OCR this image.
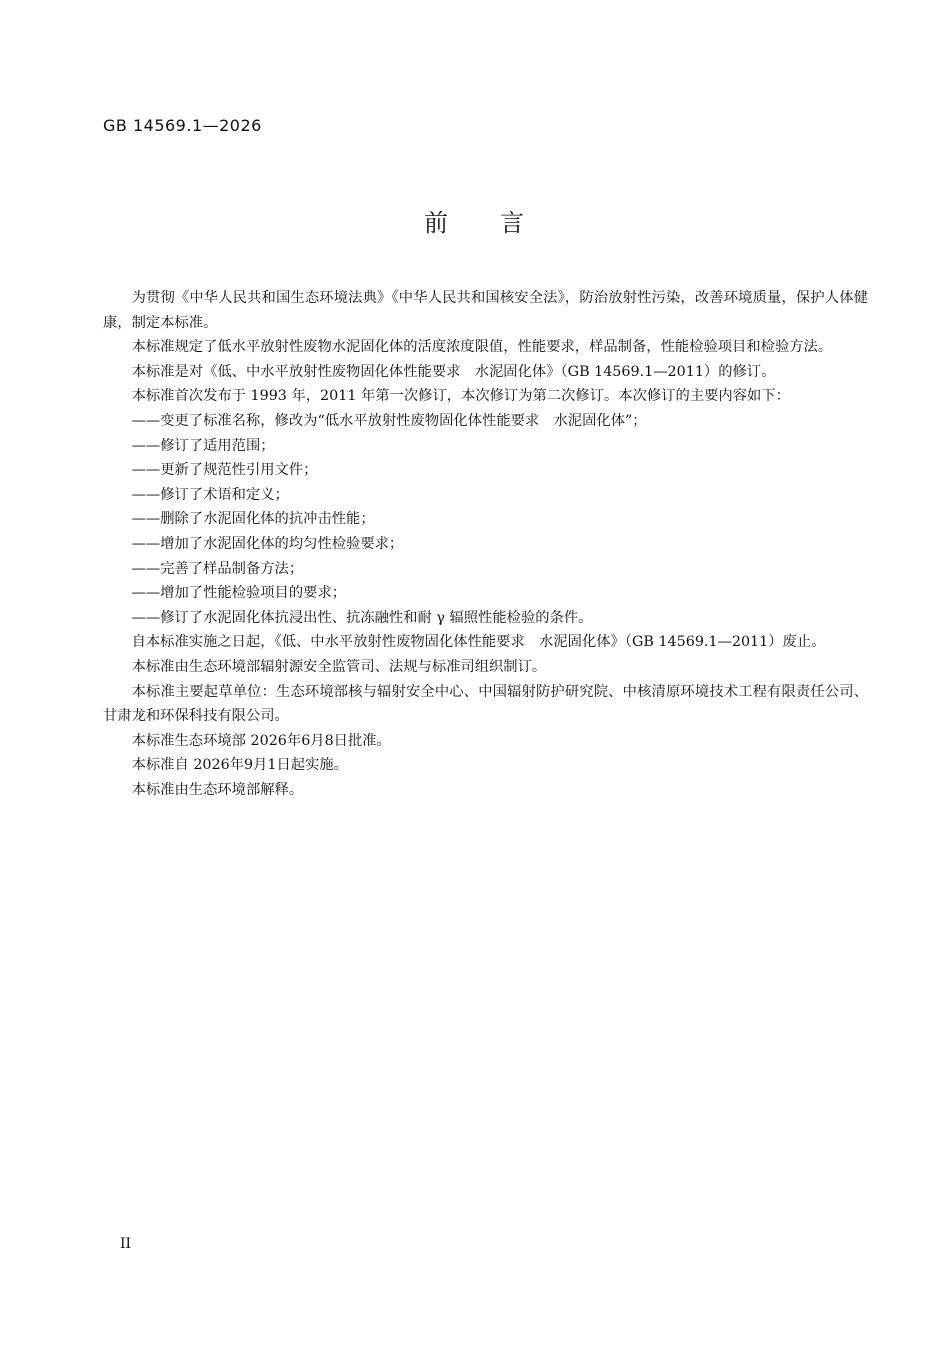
GB 14569.1—2026
前 言

为贯彻《中华人民共和国生态环境法典》《中华人民共和国核安全法》，防治放射性污染，改善环境质量，保护人体健康，制定本标准。

本标准规定了低水平放射性废物水泥固化体的活度浓度限值，性能要求，样品制备，性能检验项目和检验方法。

本标准是对《低、中水平放射性废物固化体性能要求　水泥固化体》（GB 14569.1—2011）的修订。

本标准首次发布于 1993 年，2011 年第一次修订，本次修订为第二次修订。本次修订的主要内容如下：

——变更了标准名称，修改为“低水平放射性废物固化体性能要求　水泥固化体”；

——修订了适用范围；

——更新了规范性引用文件；

——修订了术语和定义；

——删除了水泥固化体的抗冲击性能；

——增加了水泥固化体的均匀性检验要求；

——完善了样品制备方法；

——增加了性能检验项目的要求；

——修订了水泥固化体抗浸出性、抗冻融性和耐 γ 辐照性能检验的条件。

自本标准实施之日起，《低、中水平放射性废物固化体性能要求　水泥固化体》（GB 14569.1—2011）废止。

本标准由生态环境部辐射源安全监管司、法规与标准司组织制订。

本标准主要起草单位：生态环境部核与辐射安全中心、中国辐射防护研究院、中核清原环境技术工程有限责任公司、甘肃龙和环保科技有限公司。

本标准生态环境部 2026年6月8日批准。

本标准自 2026年9月1日起实施。

本标准由生态环境部解释。

II
